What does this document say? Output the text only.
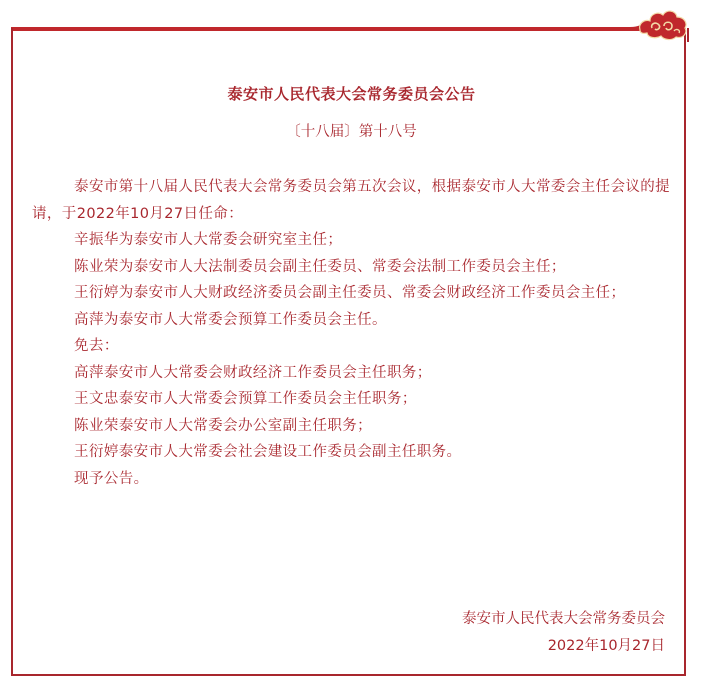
泰安市人民代表大会常务委员会公告
〔十八届〕第十八号

泰安市第十八届人民代表大会常务委员会第五次会议，根据泰安市人大常委会主任会议的提请，于2022年10月27日任命：

辛振华为泰安市人大常委会研究室主任；

陈业荣为泰安市人大法制委员会副主任委员、常委会法制工作委员会主任；

王衍婷为泰安市人大财政经济委员会副主任委员、常委会财政经济工作委员会主任；

高萍为泰安市人大常委会预算工作委员会主任。

免去：

高萍泰安市人大常委会财政经济工作委员会主任职务；

王文忠泰安市人大常委会预算工作委员会主任职务；

陈业荣泰安市人大常委会办公室副主任职务；

王衍婷泰安市人大常委会社会建设工作委员会副主任职务。

现予公告。

泰安市人民代表大会常务委员会
2022年10月27日
